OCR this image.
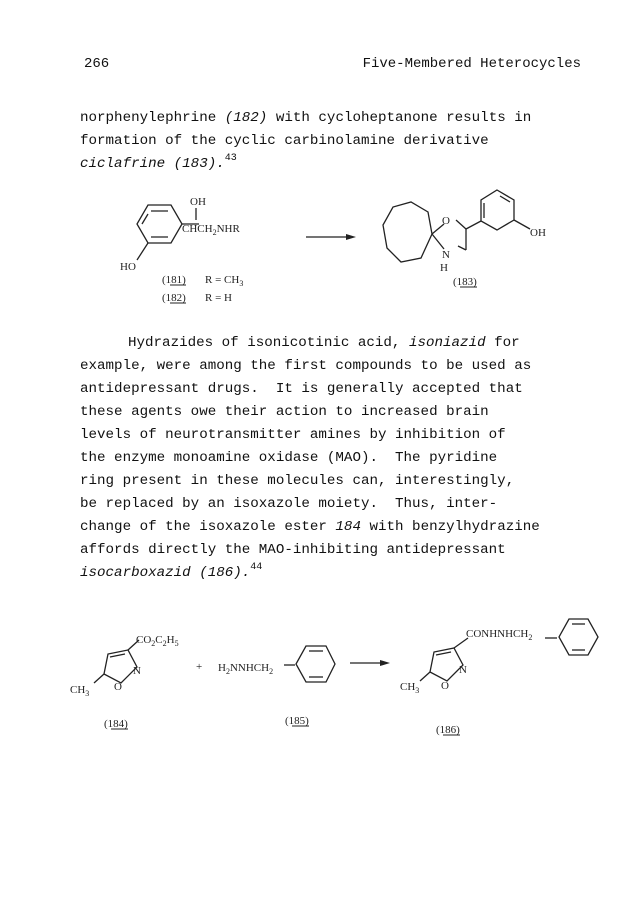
266	Five-Membered Heterocycles

norphenylephrine (182) with cycloheptanone results in
formation of the cyclic carbinolamine derivative
ciclafrine (183).$^{43}$

OH
$CHCH_2NHR$
HO
(181) $R = CH_3$
(182) R = H
O
N
H
OH
(183)

Hydrazides of isonicotinic acid, isoniazid for
example, were among the first compounds to be used as
antidepressant drugs.  It is generally accepted that
these agents owe their action to increased brain
levels of neurotransmitter amines by inhibition of
the enzyme monoamine oxidase (MAO).  The pyridine
ring present in these molecules can, interestingly,
be replaced by an isoxazole moiety.  Thus, inter-
change of the isoxazole ester 184 with benzylhydrazine
affords directly the MAO-inhibiting antidepressant
isocarboxazid (186).$^{44}$

$CO_2C_2H_5$
N
O
$CH_3$
+ $H_2NNHCH_2$
$CONHNHCH_2$
N
O
$CH_3$
(184)	(185)
(186)
